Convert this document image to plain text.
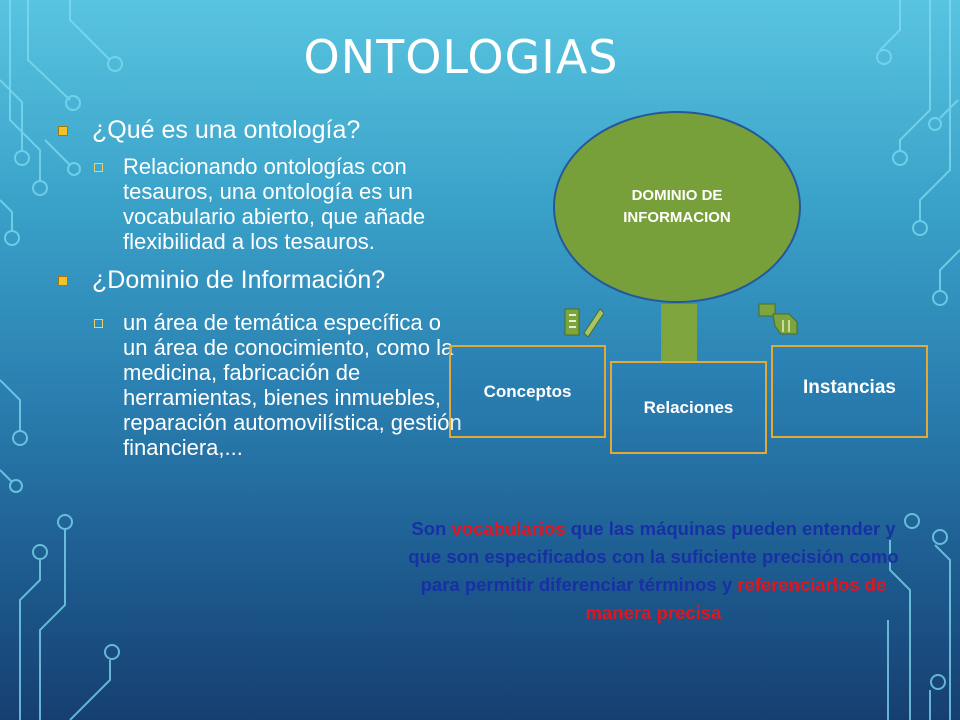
ONTOLOGIAS
¿Qué es una ontología?
Relacionando ontologías con tesauros, una ontología es un vocabulario abierto, que añade flexibilidad a los tesauros.
¿Dominio de Información?
un área de temática específica o un área de conocimiento, como la medicina, fabricación de herramientas, bienes inmuebles, reparación automovilística, gestión financiera,...
DOMINIO DE INFORMACION
Conceptos
Relaciones
Instancias
Son vocabularios que las máquinas pueden entender y que son especificados con la suficiente precisión como para permitir diferenciar términos y referenciarlos de manera precisa
